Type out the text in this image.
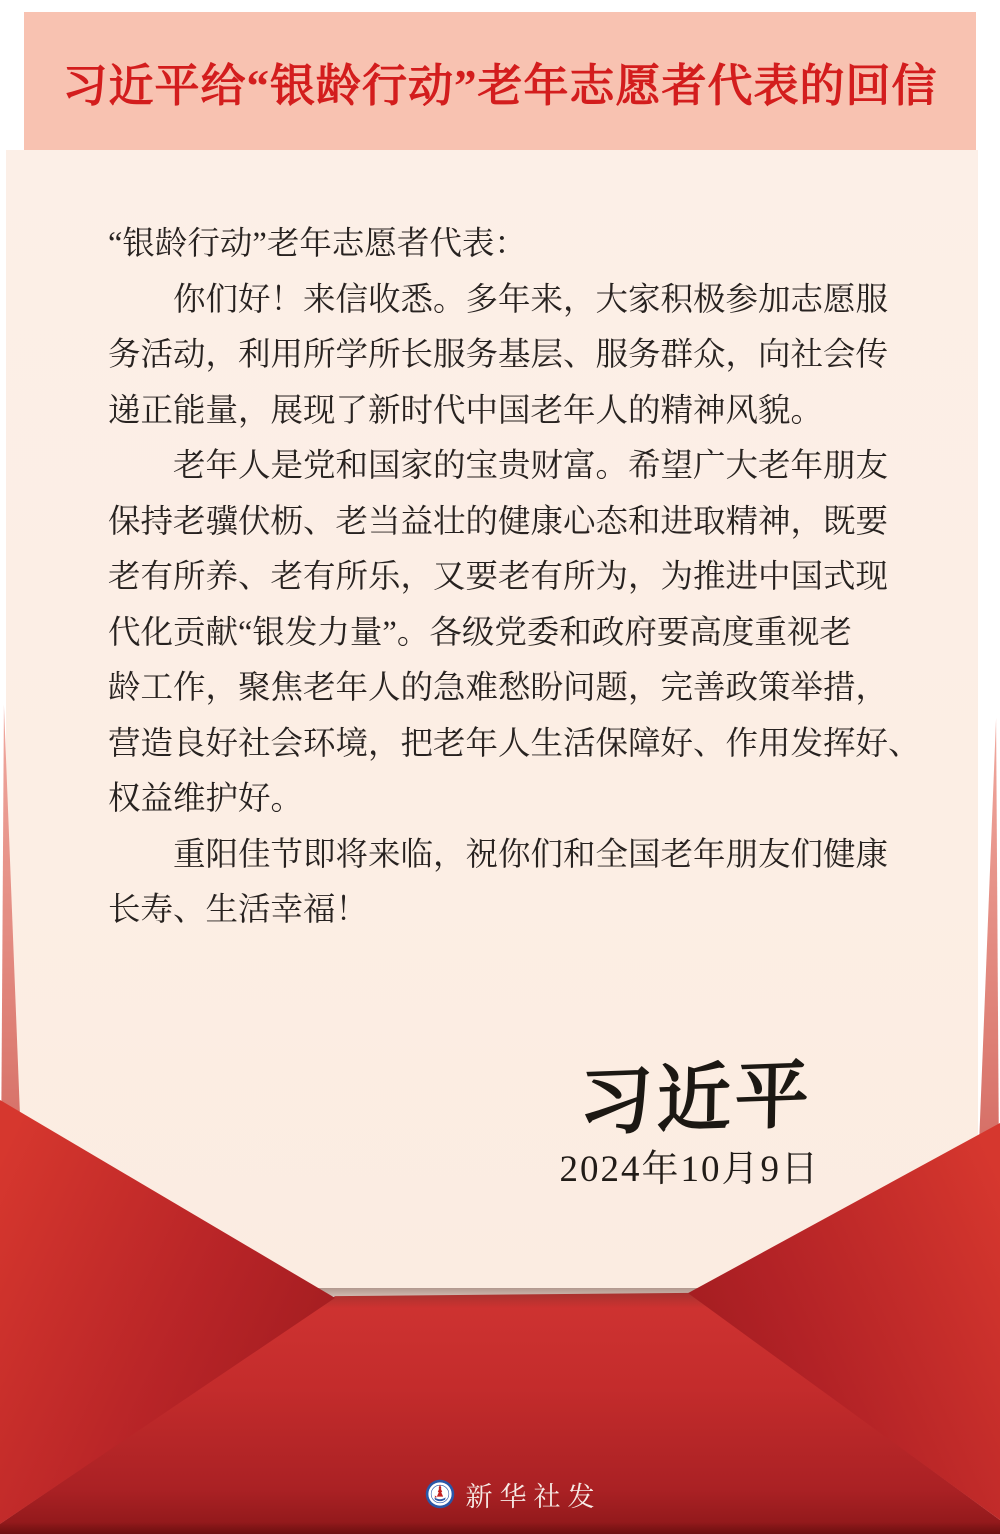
习近平给“银龄行动”老年志愿者代表的回信
“银龄行动”老年志愿者代表：
你们好！来信收悉。多年来，大家积极参加志愿服
务活动，利用所学所长服务基层、服务群众，向社会传
递正能量，展现了新时代中国老年人的精神风貌。
老年人是党和国家的宝贵财富。希望广大老年朋友
保持老骥伏枥、老当益壮的健康心态和进取精神，既要
老有所养、老有所乐，又要老有所为，为推进中国式现
代化贡献“银发力量”。各级党委和政府要高度重视老
龄工作，聚焦老年人的急难愁盼问题，完善政策举措，
营造良好社会环境，把老年人生活保障好、作用发挥好、
权益维护好。
重阳佳节即将来临，祝你们和全国老年朋友们健康
长寿、生活幸福！
习近平
2024年10月9日
新华社发
